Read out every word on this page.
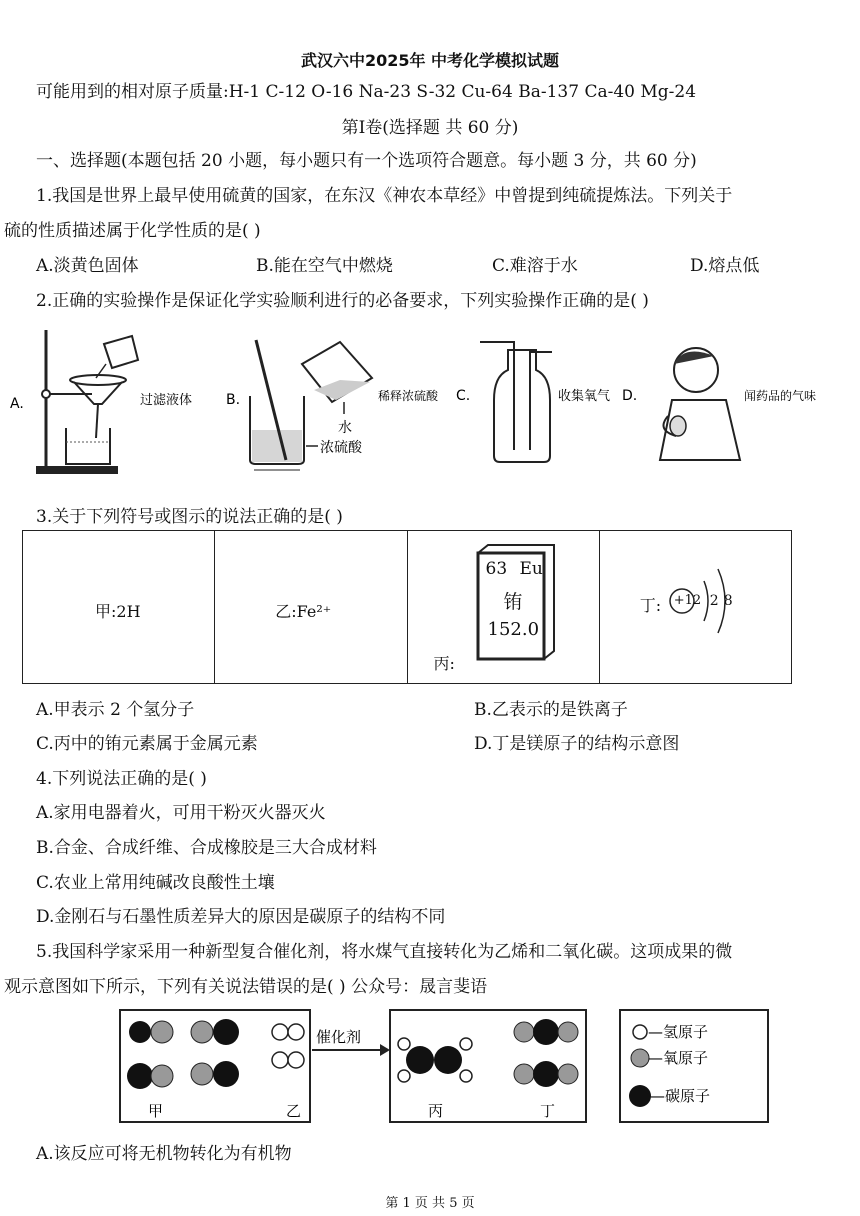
武汉六中2025年 中考化学模拟试题
可能用到的相对原子质量:H-1 C-12 O-16 Na-23 S-32 Cu-64 Ba-137 Ca-40 Mg-24
第Ⅰ卷(选择题 共 60 分)
一、选择题(本题包括 20 小题，每小题只有一个选项符合题意。每小题 3 分，共 60 分)
1.我国是世界上最早使用硫黄的国家，在东汉《神农本草经》中曾提到纯硫提炼法。下列关于
硫的性质描述属于化学性质的是( )
A.淡黄色固体	B.能在空气中燃烧	C.难溶于水	D.熔点低
2.正确的实验操作是保证化学实验顺利进行的必备要求，下列实验操作正确的是( )
A.	过滤液体 B.	稀释浓硫酸
水
浓硫酸
C.	收集氧气 D.	闻药品的气味
3.关于下列符号或图示的说法正确的是( )
甲:2H	乙:Fe²⁺
63 Eu
铕
152.0
丙:
丁: +12 2 8
A.甲表示 2 个氢分子	B.乙表示的是铁离子
C.丙中的铕元素属于金属元素	D.丁是镁原子的结构示意图
4.下列说法正确的是( )
A.家用电器着火，可用干粉灭火器灭火
B.合金、合成纤维、合成橡胶是三大合成材料
C.农业上常用纯碱改良酸性土壤
D.金刚石与石墨性质差异大的原因是碳原子的结构不同
5.我国科学家采用一种新型复合催化剂，将水煤气直接转化为乙烯和二氧化碳。这项成果的微
观示意图如下所示，下列有关说法错误的是( ) 公众号：晟言斐语
甲	乙
催化剂
丙	丁
—氢原子
—氧原子
—碳原子
A.该反应可将无机物转化为有机物
第 1 页 共 5 页
